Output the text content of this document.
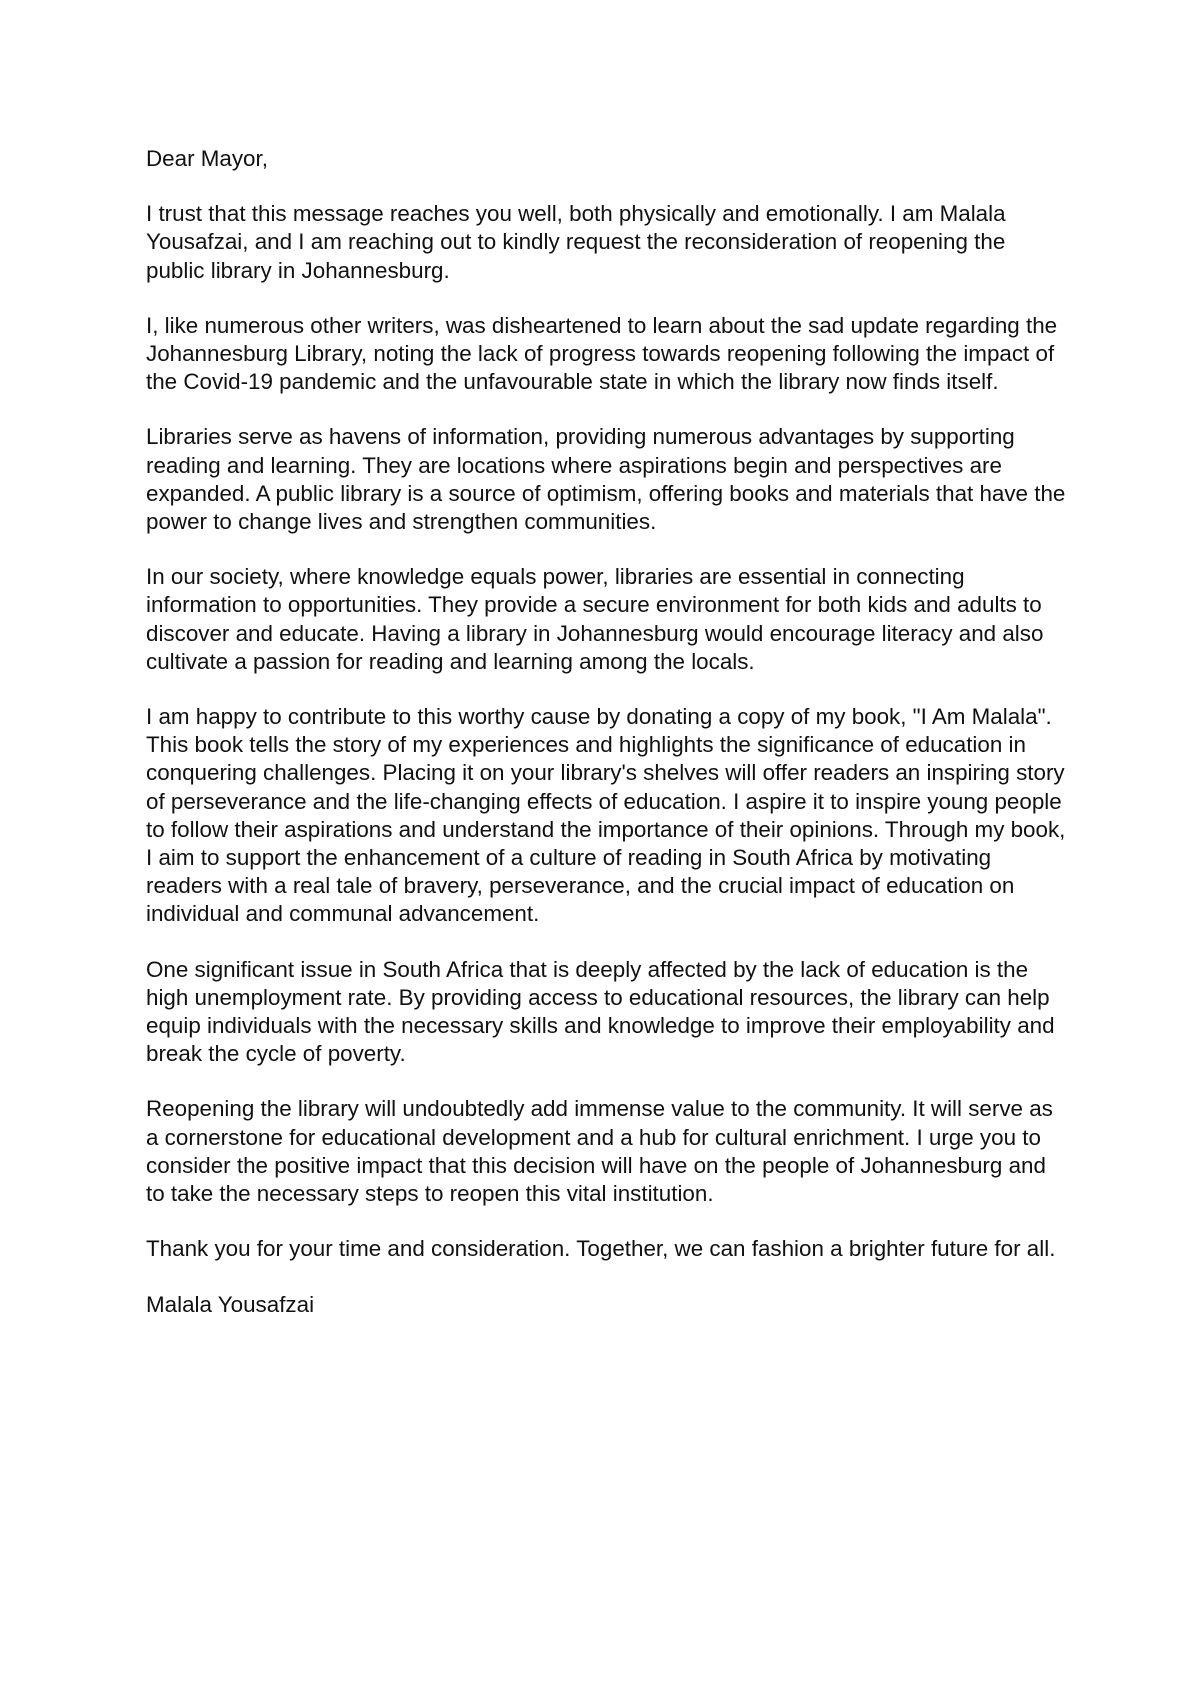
Dear Mayor,

I trust that this message reaches you well, both physically and emotionally. I am Malala Yousafzai, and I am reaching out to kindly request the reconsideration of reopening the public library in Johannesburg.

I, like numerous other writers, was disheartened to learn about the sad update regarding the Johannesburg Library, noting the lack of progress towards reopening following the impact of the Covid-19 pandemic and the unfavourable state in which the library now finds itself.

Libraries serve as havens of information, providing numerous advantages by supporting reading and learning. They are locations where aspirations begin and perspectives are expanded. A public library is a source of optimism, offering books and materials that have the power to change lives and strengthen communities.

In our society, where knowledge equals power, libraries are essential in connecting information to opportunities. They provide a secure environment for both kids and adults to discover and educate. Having a library in Johannesburg would encourage literacy and also cultivate a passion for reading and learning among the locals.

I am happy to contribute to this worthy cause by donating a copy of my book, "I Am Malala". This book tells the story of my experiences and highlights the significance of education in conquering challenges. Placing it on your library's shelves will offer readers an inspiring story of perseverance and the life-changing effects of education. I aspire it to inspire young people to follow their aspirations and understand the importance of their opinions. Through my book, I aim to support the enhancement of a culture of reading in South Africa by motivating readers with a real tale of bravery, perseverance, and the crucial impact of education on individual and communal advancement.

One significant issue in South Africa that is deeply affected by the lack of education is the high unemployment rate. By providing access to educational resources, the library can help equip individuals with the necessary skills and knowledge to improve their employability and break the cycle of poverty.

Reopening the library will undoubtedly add immense value to the community. It will serve as a cornerstone for educational development and a hub for cultural enrichment. I urge you to consider the positive impact that this decision will have on the people of Johannesburg and to take the necessary steps to reopen this vital institution.

Thank you for your time and consideration. Together, we can fashion a brighter future for all.

Malala Yousafzai
